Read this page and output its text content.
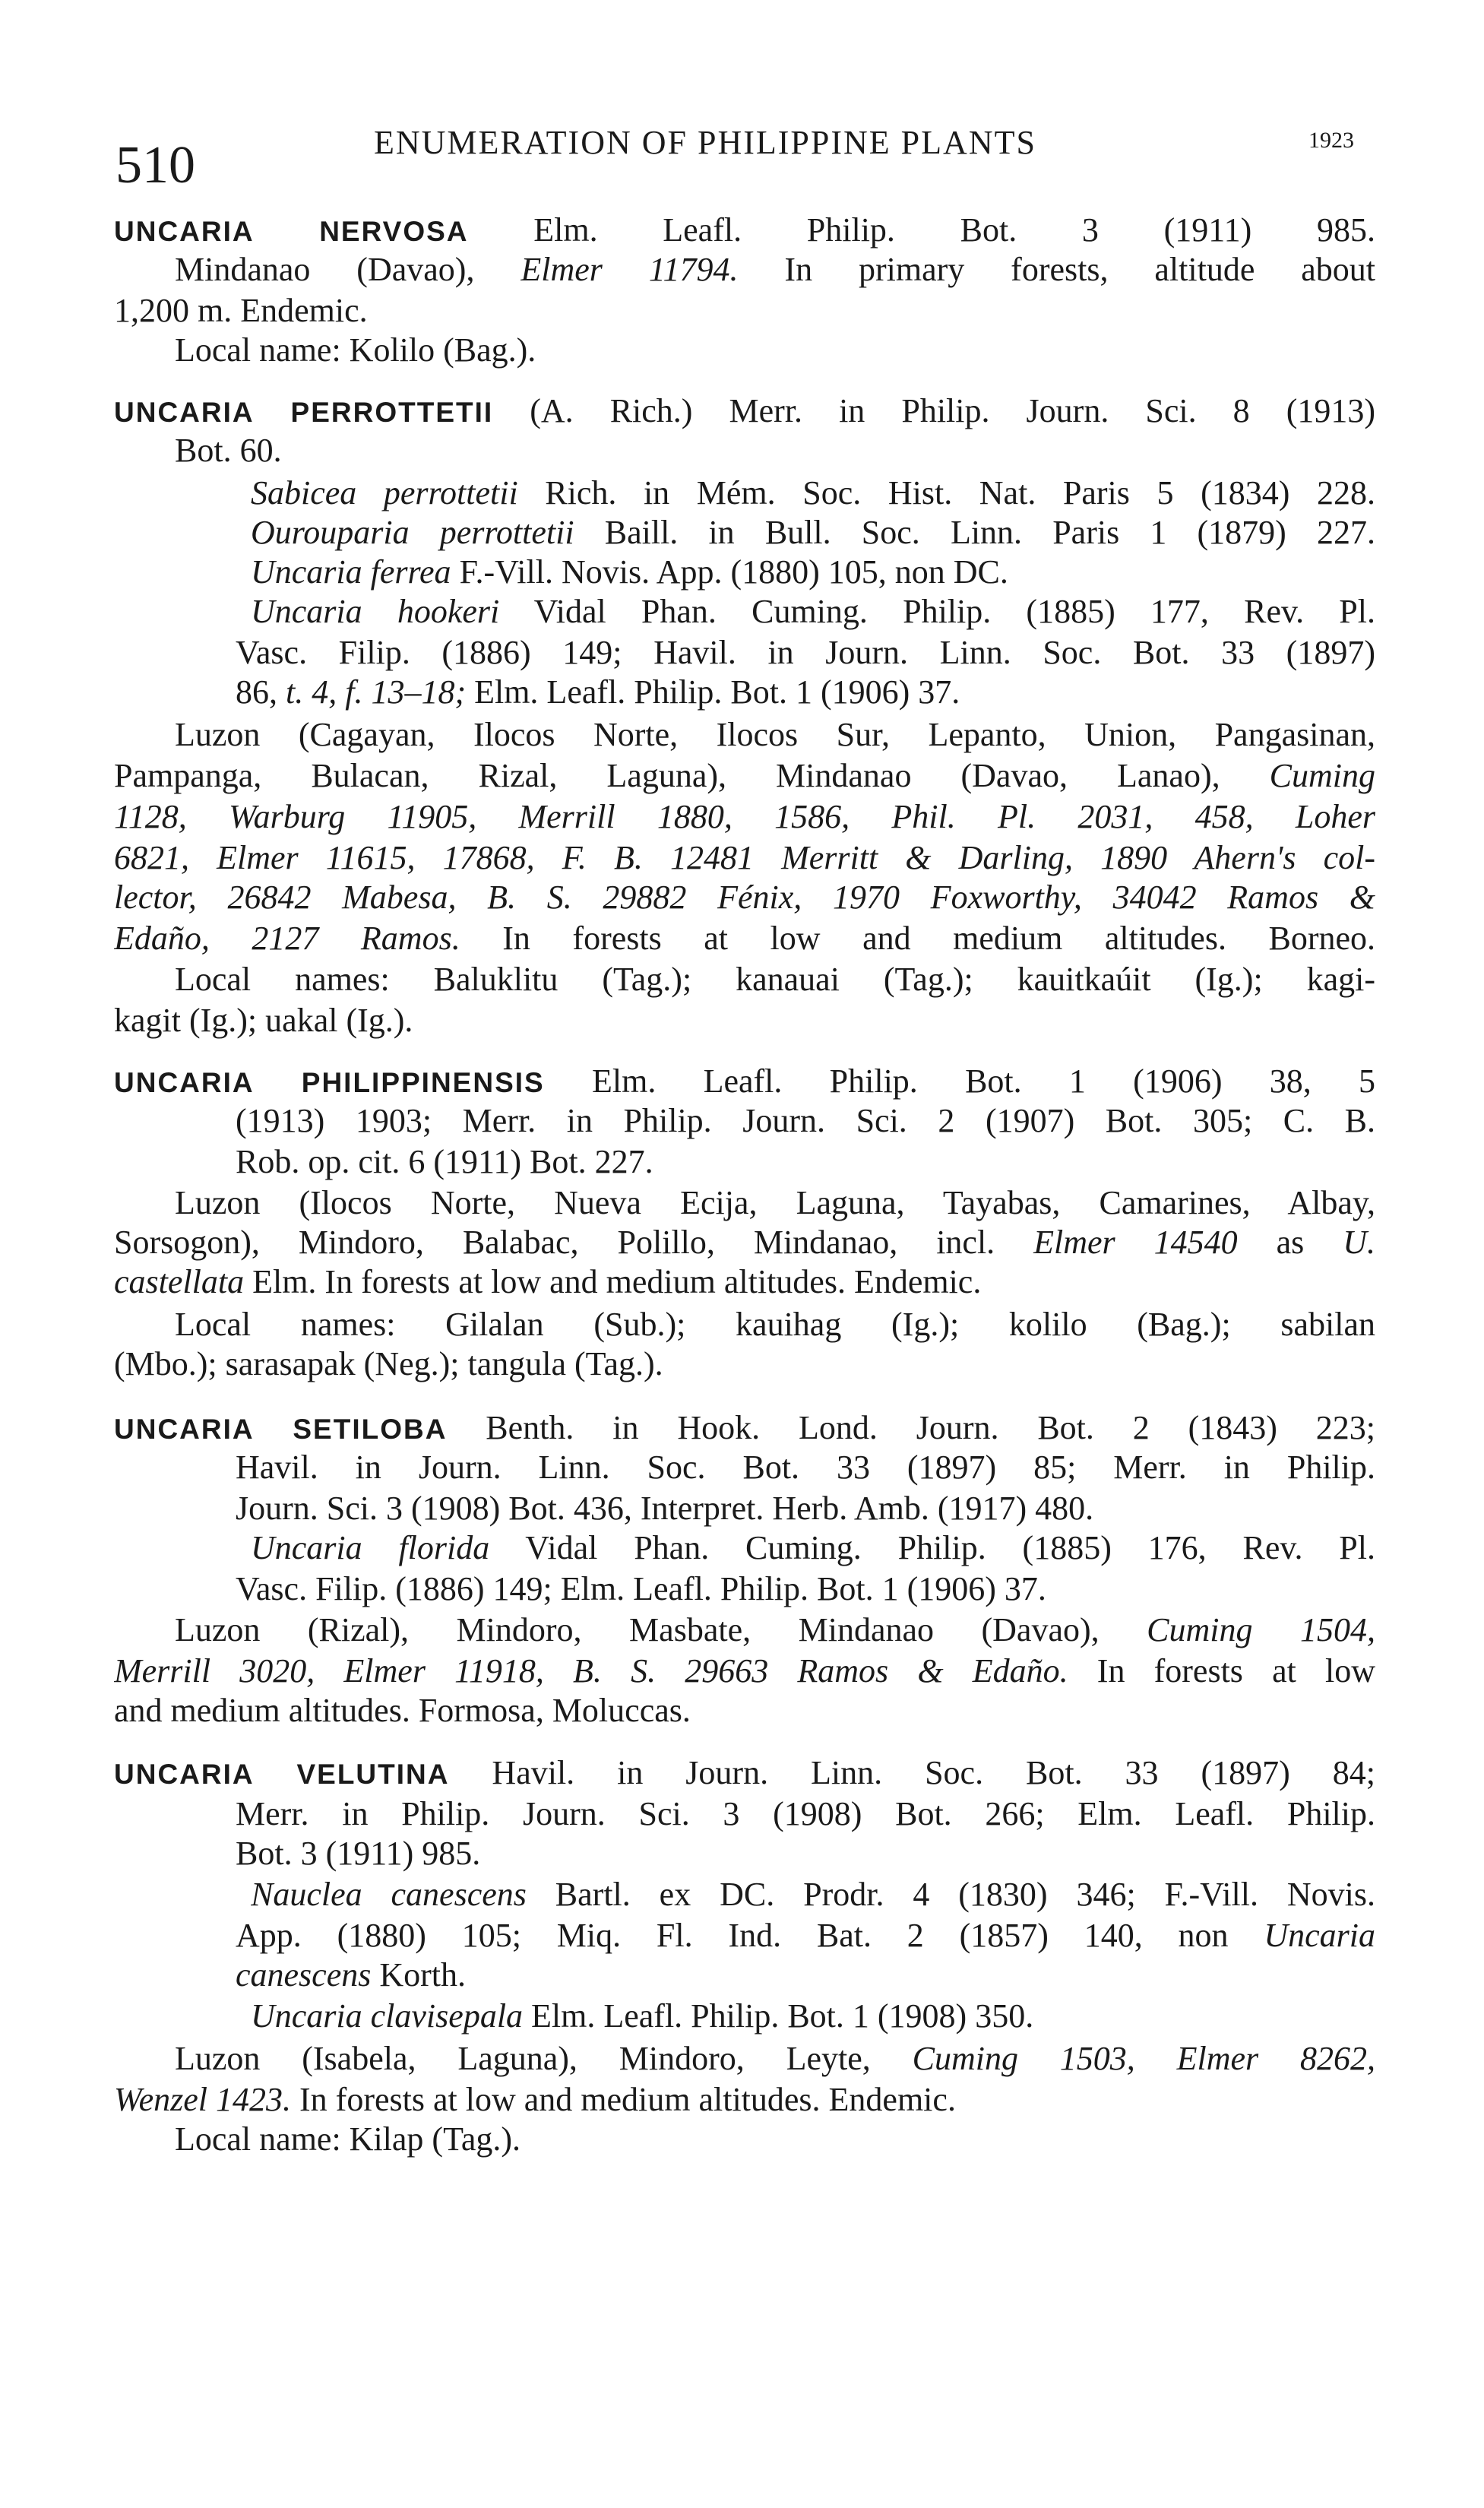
510	ENUMERATION OF PHILIPPINE PLANTS	1923
UNCARIA NERVOSA Elm. Leafl. Philip. Bot. 3 (1911) 985.
Mindanao (Davao), Elmer 11794. In primary forests, altitude about
1,200 m. Endemic.
Local name: Kolilo (Bag.).
UNCARIA PERROTTETII (A. Rich.) Merr. in Philip. Journ. Sci. 8 (1913)
Bot. 60.
Sabicea perrottetii Rich. in Mém. Soc. Hist. Nat. Paris 5 (1834) 228.
Ourouparia perrottetii Baill. in Bull. Soc. Linn. Paris 1 (1879) 227.
Uncaria ferrea F.-Vill. Novis. App. (1880) 105, non DC.
Uncaria hookeri Vidal Phan. Cuming. Philip. (1885) 177, Rev. Pl.
Vasc. Filip. (1886) 149; Havil. in Journ. Linn. Soc. Bot. 33 (1897)
86, t. 4, f. 13–18; Elm. Leafl. Philip. Bot. 1 (1906) 37.
Luzon (Cagayan, Ilocos Norte, Ilocos Sur, Lepanto, Union, Pangasinan,
Pampanga, Bulacan, Rizal, Laguna), Mindanao (Davao, Lanao), Cuming
1128, Warburg 11905, Merrill 1880, 1586, Phil. Pl. 2031, 458, Loher
6821, Elmer 11615, 17868, F. B. 12481 Merritt & Darling, 1890 Ahern's col-
lector, 26842 Mabesa, B. S. 29882 Fénix, 1970 Foxworthy, 34042 Ramos &
Edaño, 2127 Ramos. In forests at low and medium altitudes. Borneo.
Local names: Baluklitu (Tag.); kanauai (Tag.); kauitkaúit (Ig.); kagi-
kagit (Ig.); uakal (Ig.).
UNCARIA PHILIPPINENSIS Elm. Leafl. Philip. Bot. 1 (1906) 38, 5
(1913) 1903; Merr. in Philip. Journ. Sci. 2 (1907) Bot. 305; C. B.
Rob. op. cit. 6 (1911) Bot. 227.
Luzon (Ilocos Norte, Nueva Ecija, Laguna, Tayabas, Camarines, Albay,
Sorsogon), Mindoro, Balabac, Polillo, Mindanao, incl. Elmer 14540 as U.
castellata Elm. In forests at low and medium altitudes. Endemic.
Local names: Gilalan (Sub.); kauihag (Ig.); kolilo (Bag.); sabilan
(Mbo.); sarasapak (Neg.); tangula (Tag.).
UNCARIA SETILOBA Benth. in Hook. Lond. Journ. Bot. 2 (1843) 223;
Havil. in Journ. Linn. Soc. Bot. 33 (1897) 85; Merr. in Philip.
Journ. Sci. 3 (1908) Bot. 436, Interpret. Herb. Amb. (1917) 480.
Uncaria florida Vidal Phan. Cuming. Philip. (1885) 176, Rev. Pl.
Vasc. Filip. (1886) 149; Elm. Leafl. Philip. Bot. 1 (1906) 37.
Luzon (Rizal), Mindoro, Masbate, Mindanao (Davao), Cuming 1504,
Merrill 3020, Elmer 11918, B. S. 29663 Ramos & Edaño. In forests at low
and medium altitudes. Formosa, Moluccas.
UNCARIA VELUTINA Havil. in Journ. Linn. Soc. Bot. 33 (1897) 84;
Merr. in Philip. Journ. Sci. 3 (1908) Bot. 266; Elm. Leafl. Philip.
Bot. 3 (1911) 985.
Nauclea canescens Bartl. ex DC. Prodr. 4 (1830) 346; F.-Vill. Novis.
App. (1880) 105; Miq. Fl. Ind. Bat. 2 (1857) 140, non Uncaria
canescens Korth.
Uncaria clavisepala Elm. Leafl. Philip. Bot. 1 (1908) 350.
Luzon (Isabela, Laguna), Mindoro, Leyte, Cuming 1503, Elmer 8262,
Wenzel 1423. In forests at low and medium altitudes. Endemic.
Local name: Kilap (Tag.).
